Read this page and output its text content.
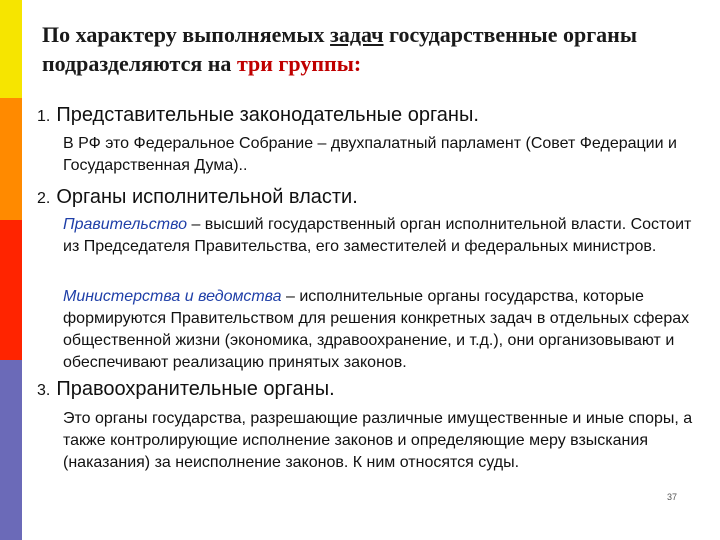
По характеру выполняемых задач государственные органы подразделяются на три группы:
1. Представительные законодательные органы.
В РФ это Федеральное Собрание – двухпалатный парламент (Совет Федерации и Государственная Дума)..
2. Органы исполнительной власти.
Правительство – высший государственный орган исполнительной власти. Состоит из Председателя Правительства, его заместителей и федеральных министров.
Министерства и ведомства – исполнительные органы государства, которые формируются Правительством для решения конкретных задач в отдельных сферах общественной жизни (экономика, здравоохранение, и т.д.), они организовывают и обеспечивают реализацию принятых законов.
3. Правоохранительные органы.
Это органы государства, разрешающие различные имущественные и иные споры, а также контролирующие исполнение законов и определяющие меру взыскания (наказания) за неисполнение законов. К ним относятся суды.
37
